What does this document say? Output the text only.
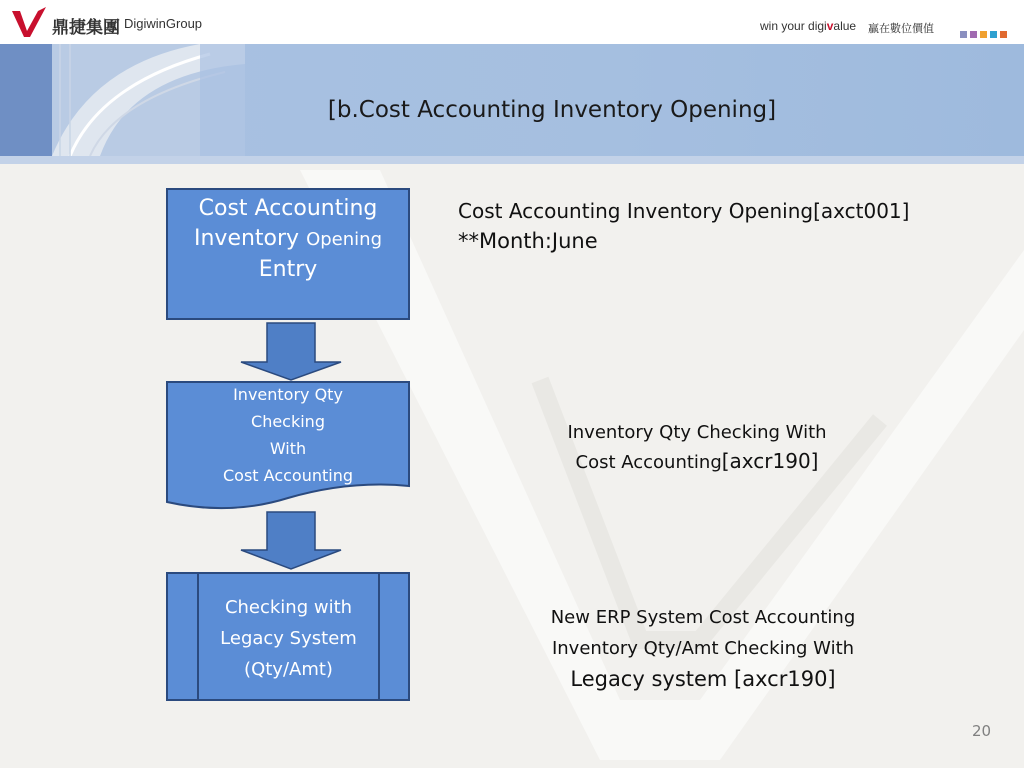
鼎捷集團 DigiwinGroup	win your digivalue 贏在數位價值
[b.Cost Accounting Inventory Opening]
Cost Accounting
Inventory Opening
Entry
Inventory Qty
Checking
With
Cost Accounting
Checking with
Legacy System
(Qty/Amt)
Cost Accounting Inventory Opening[axct001]
**Month:June
Inventory Qty Checking With
Cost Accounting[axcr190]
New ERP System Cost Accounting
Inventory Qty/Amt Checking With
Legacy system [axcr190]
20
